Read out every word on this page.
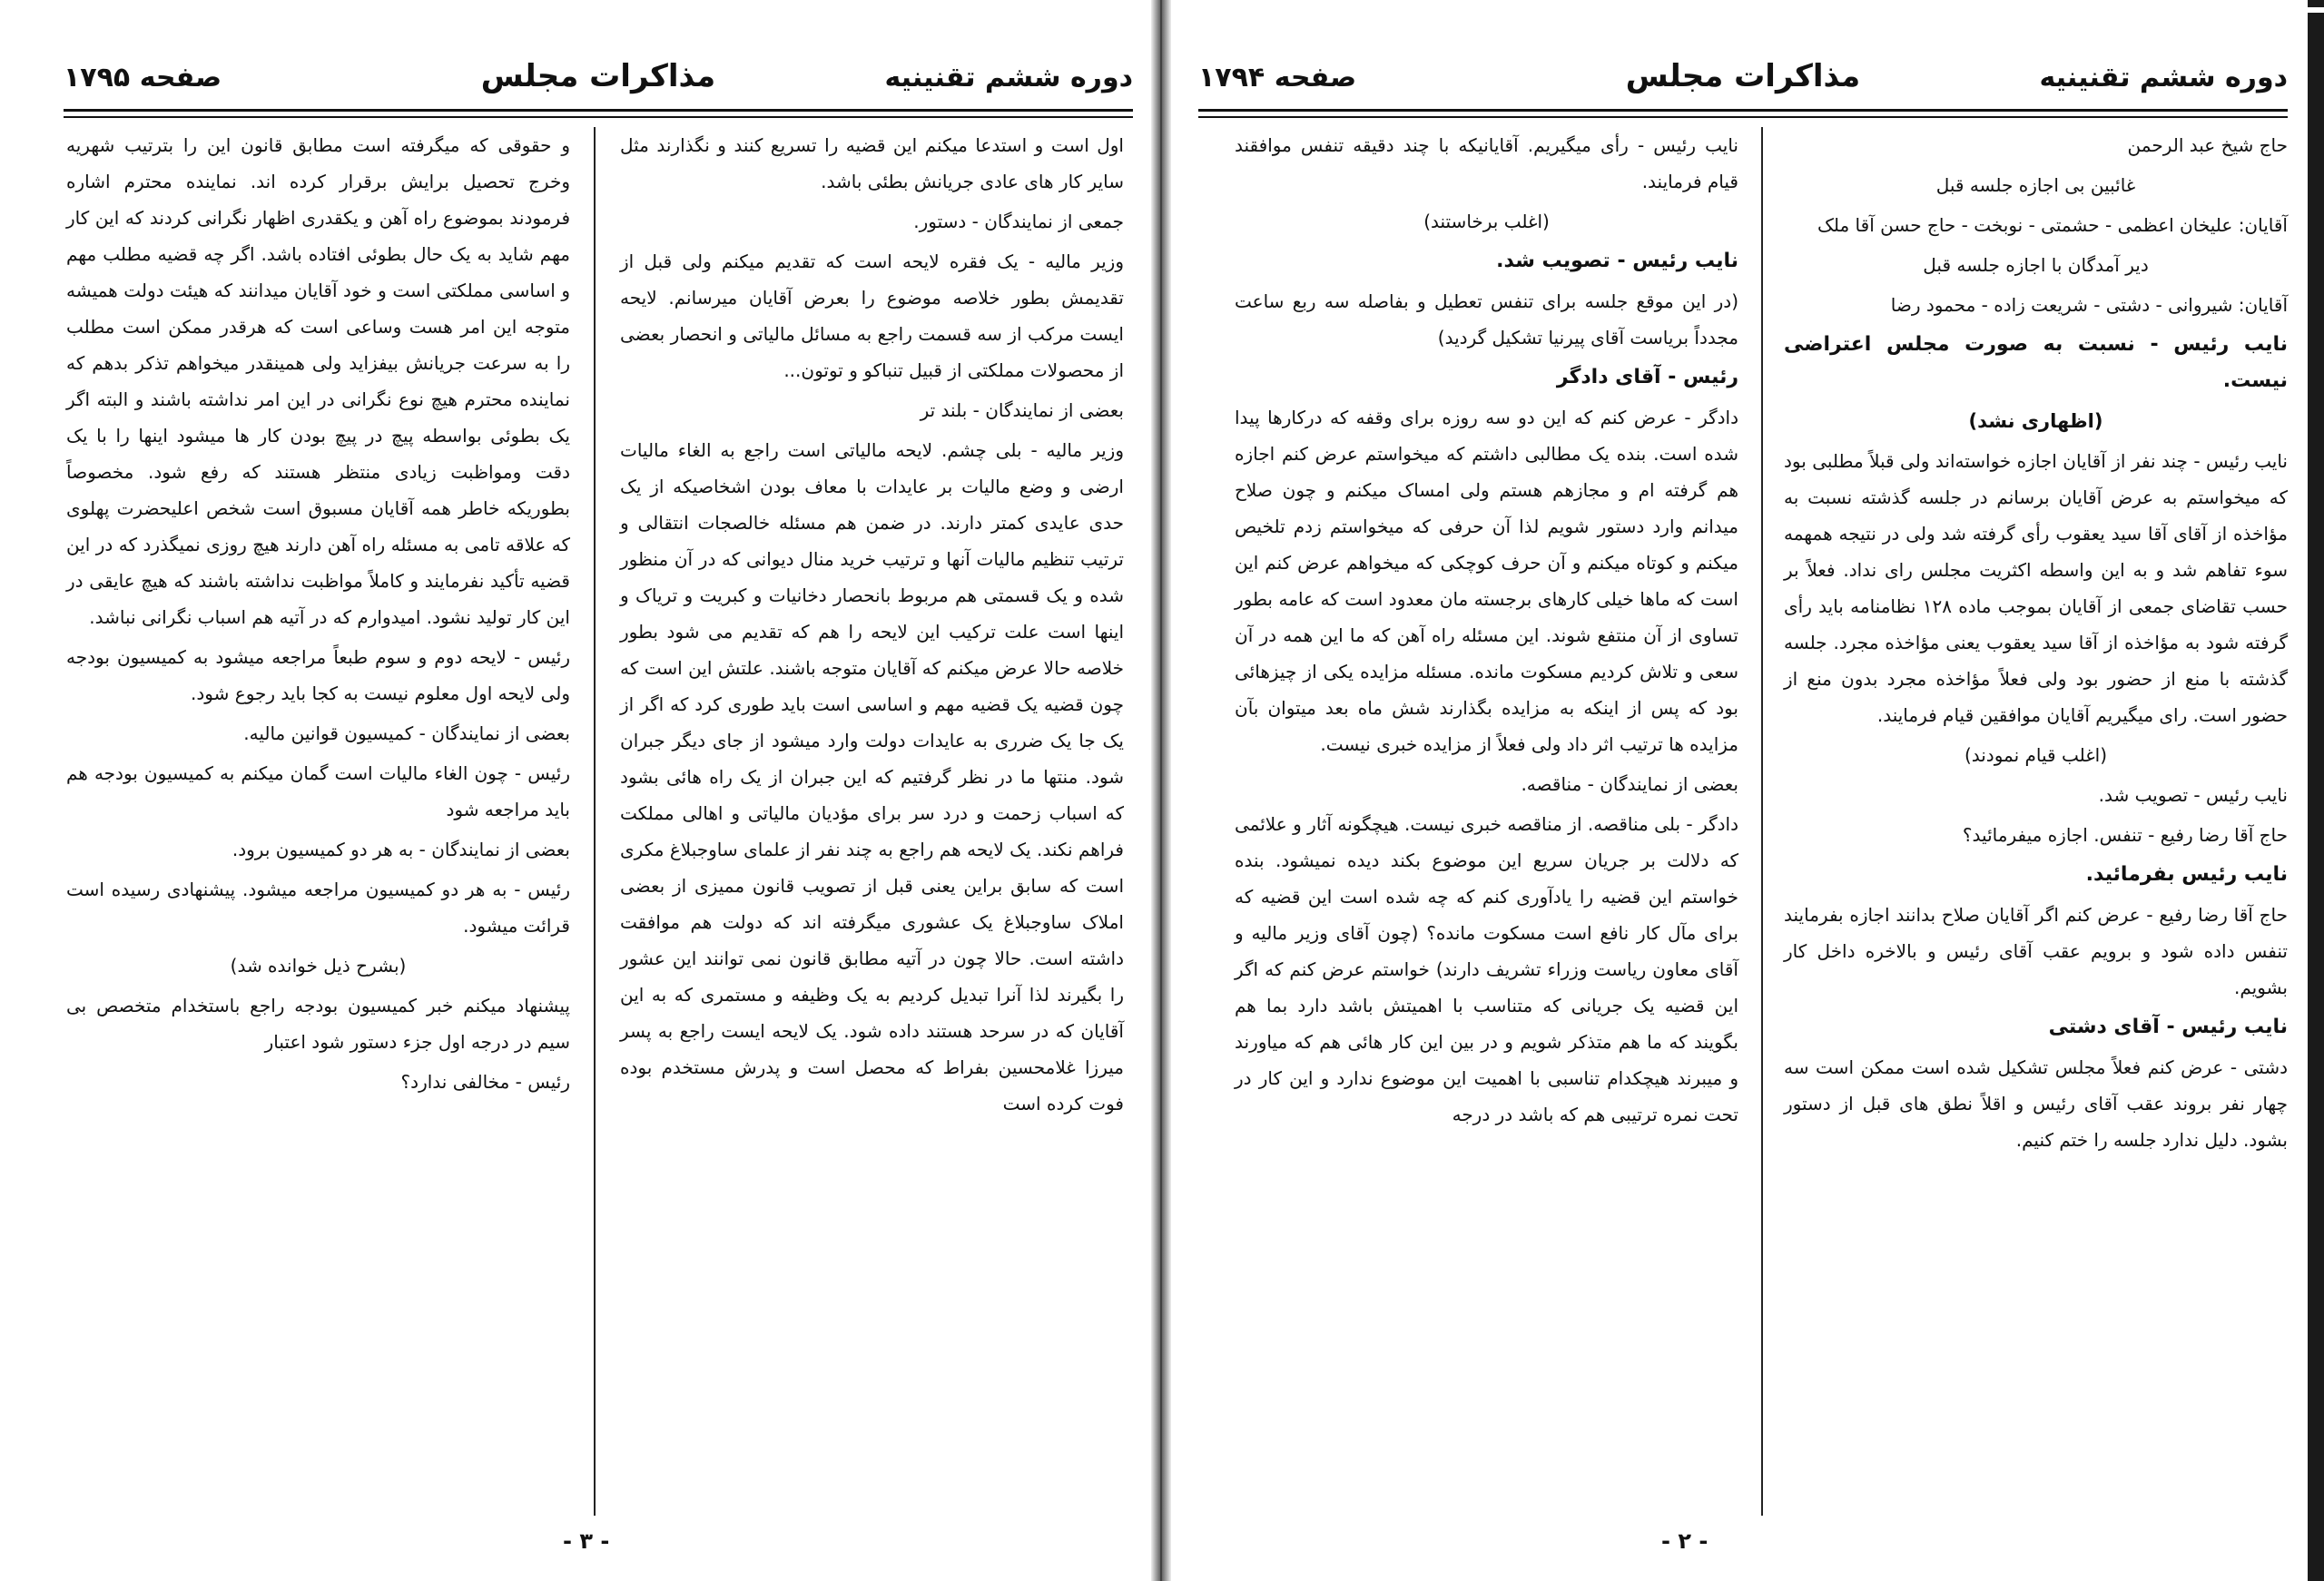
دوره ششم تقنینیه
مذاکرات مجلس
صفحه ۱۷۹۴

حاج شیخ عبد الرحمن

غائبین بی اجازه جلسه قبل

آقایان: علیخان اعظمی - حشمتی - نوبخت - حاج حسن آقا ملک

دیر آمدگان با اجازه جلسه قبل

آقایان: شیروانی - دشتی - شریعت زاده - محمود رضا

نایب رئیس - نسبت به صورت مجلس اعتراضی نیست.

(اظهاری نشد)

نایب رئیس - چند نفر از آقایان اجازه خواسته‌اند ولی قبلاً مطلبی بود که میخواستم به عرض آقایان برسانم در جلسه گذشته نسبت به مؤاخذه از آقای آقا سید یعقوب رأی گرفته شد ولی در نتیجه همهمه سوء تفاهم شد و به این واسطه اکثریت مجلس رای نداد. فعلاً بر حسب تقاضای جمعی از آقایان بموجب ماده ۱۲۸ نظامنامه باید رأی گرفته شود به مؤاخذه از آقا سید یعقوب یعنی مؤاخذه مجرد. جلسه گذشته با منع از حضور بود ولی فعلاً مؤاخذه مجرد بدون منع از حضور است. رای میگیریم آقایان موافقین قیام فرمایند.

(اغلب قیام نمودند)

نایب رئیس - تصویب شد.

حاج آقا رضا رفیع - تنفس. اجازه میفرمائید؟

نایب رئیس بفرمائید.

حاج آقا رضا رفیع - عرض کنم اگر آقایان صلاح بدانند اجازه بفرمایند تنفس داده شود و برویم عقب آقای رئیس و بالاخره داخل کار بشویم.

نایب رئیس - آقای دشتی

دشتی - عرض کنم فعلاً مجلس تشکیل شده است ممکن است سه چهار نفر بروند عقب آقای رئیس و اقلاً نطق های قبل از دستور بشود. دلیل ندارد جلسه را ختم کنیم.

نایب رئیس - رأی میگیریم. آقایانیکه با چند دقیقه تنفس موافقند قیام فرمایند.

(اغلب برخاستند)

نایب رئیس - تصویب شد.

(در این موقع جلسه برای تنفس تعطیل و بفاصله سه ربع ساعت مجدداً بریاست آقای پیرنیا تشکیل گردید)

رئیس - آقای دادگر

دادگر - عرض کنم که این دو سه روزه برای وقفه که درکارها پیدا شده است. بنده یک مطالبی داشتم که میخواستم عرض کنم اجازه هم گرفته ام و مجازهم هستم ولی امساک میکنم و چون صلاح میدانم وارد دستور شویم لذا آن حرفی که میخواستم زدم تلخیص میکنم و کوتاه میکنم و آن حرف کوچکی که میخواهم عرض کنم این است که ماها خیلی کارهای برجسته مان معدود است که عامه بطور تساوی از آن منتفع شوند. این مسئله راه آهن که ما این همه در آن سعی و تلاش کردیم مسکوت مانده. مسئله مزایده یکی از چیزهائی بود که پس از اینکه به مزایده بگذارند شش ماه بعد میتوان بآن مزایده ها ترتیب اثر داد ولی فعلاً از مزایده خبری نیست.

بعضی از نمایندگان - مناقصه.

دادگر - بلی مناقصه. از مناقصه خبری نیست. هیچگونه آثار و علائمی که دلالت بر جریان سریع این موضوع بکند دیده نمیشود. بنده خواستم این قضیه را یادآوری کنم که چه شده است این قضیه که برای مآل کار نافع است مسکوت مانده؟ (چون آقای وزیر مالیه و آقای معاون ریاست وزراء تشریف دارند) خواستم عرض کنم که اگر این قضیه یک جریانی که متناسب با اهمیتش باشد دارد بما هم بگویند که ما هم متذکر شویم و در بین این کار هائی هم که میاورند و میبرند هیچکدام تناسبی با اهمیت این موضوع ندارد و این کار در تحت نمره ترتیبی هم که باشد در درجه

- ۲ -
دوره ششم تقنینیه
مذاکرات مجلس
صفحه ۱۷۹۵

اول است و استدعا میکنم این قضیه را تسریع کنند و نگذارند مثل سایر کار های عادی جریانش بطئی باشد.

جمعی از نمایندگان - دستور.

وزیر مالیه - یک فقره لایحه است که تقدیم میکنم ولی قبل از تقدیمش بطور خلاصه موضوع را بعرض آقایان میرسانم. لایحه ایست مرکب از سه قسمت راجع به مسائل مالیاتی و انحصار بعضی از محصولات مملکتی از قبیل تنباکو و توتون...

بعضی از نمایندگان - بلند تر

وزیر مالیه - بلی چشم. لایحه مالیاتی است راجع به الغاء مالیات ارضی و وضع مالیات بر عایدات با معاف بودن اشخاصیکه از یک حدی عایدی کمتر دارند. در ضمن هم مسئله خالصجات انتقالی و ترتیب تنظیم مالیات آنها و ترتیب خرید منال دیوانی که در آن منظور شده و یک قسمتی هم مربوط بانحصار دخانیات و کبریت و تریاک و اینها است علت ترکیب این لایحه را هم که تقدیم می شود بطور خلاصه حالا عرض میکنم که آقایان متوجه باشند. علتش این است که چون قضیه یک قضیه مهم و اساسی است باید طوری کرد که اگر از یک جا یک ضرری به عایدات دولت وارد میشود از جای دیگر جبران شود. منتها ما در نظر گرفتیم که این جبران از یک راه هائی بشود که اسباب زحمت و درد سر برای مؤدیان مالیاتی و اهالی مملکت فراهم نکند. یک لایحه هم راجع به چند نفر از علمای ساوجبلاغ مکری است که سابق براین یعنی قبل از تصویب قانون ممیزی از بعضی املاک ساوجبلاغ یک عشوری میگرفته اند که دولت هم موافقت داشته است. حالا چون در آتیه مطابق قانون نمی توانند این عشور را بگیرند لذا آنرا تبدیل کردیم به یک وظیفه و مستمری که به این آقایان که در سرحد هستند داده شود. یک لایحه ایست راجع به پسر میرزا غلامحسین بفراط که محصل است و پدرش مستخدم بوده فوت کرده است

و حقوقی که میگرفته است مطابق قانون این را بترتیب شهریه وخرج تحصیل برایش برقرار کرده اند. نماینده محترم اشاره فرمودند بموضوع راه آهن و یکقدری اظهار نگرانی کردند که این کار مهم شاید به یک حال بطوئی افتاده باشد. اگر چه قضیه مطلب مهم و اساسی مملکتی است و خود آقایان میدانند که هیئت دولت همیشه متوجه این امر هست وساعی است که هرقدر ممکن است مطلب را به سرعت جریانش بیفزاید ولی همینقدر میخواهم تذکر بدهم که نماینده محترم هیچ نوع نگرانی در این امر نداشته باشند و البته اگر یک بطوئی بواسطه پیچ در پیچ بودن کار ها میشود اینها را با یک دقت ومواظبت زیادی منتظر هستند که رفع شود. مخصوصاً بطوریکه خاطر همه آقایان مسبوق است شخص اعلیحضرت پهلوی که علاقه تامی به مسئله راه آهن دارند هیچ روزی نمیگذرد که در این قضیه تأکید نفرمایند و کاملاً مواظبت نداشته باشند که هیچ عایقی در این کار تولید نشود. امیدوارم که در آتیه هم اسباب نگرانی نباشد.

رئیس - لایحه دوم و سوم طبعاً مراجعه میشود به کمیسیون بودجه ولی لایحه اول معلوم نیست به کجا باید رجوع شود.

بعضی از نمایندگان - کمیسیون قوانین مالیه.

رئیس - چون الغاء مالیات است گمان میکنم به کمیسیون بودجه هم باید مراجعه شود

بعضی از نمایندگان - به هر دو کمیسیون برود.

رئیس - به هر دو کمیسیون مراجعه میشود. پیشنهادی رسیده است قرائت میشود.

(بشرح ذیل خوانده شد)

پیشنهاد میکنم خبر کمیسیون بودجه راجع باستخدام متخصص بی سیم در درجه اول جزء دستور شود اعتبار

رئیس - مخالفی ندارد؟

- ۳ -
